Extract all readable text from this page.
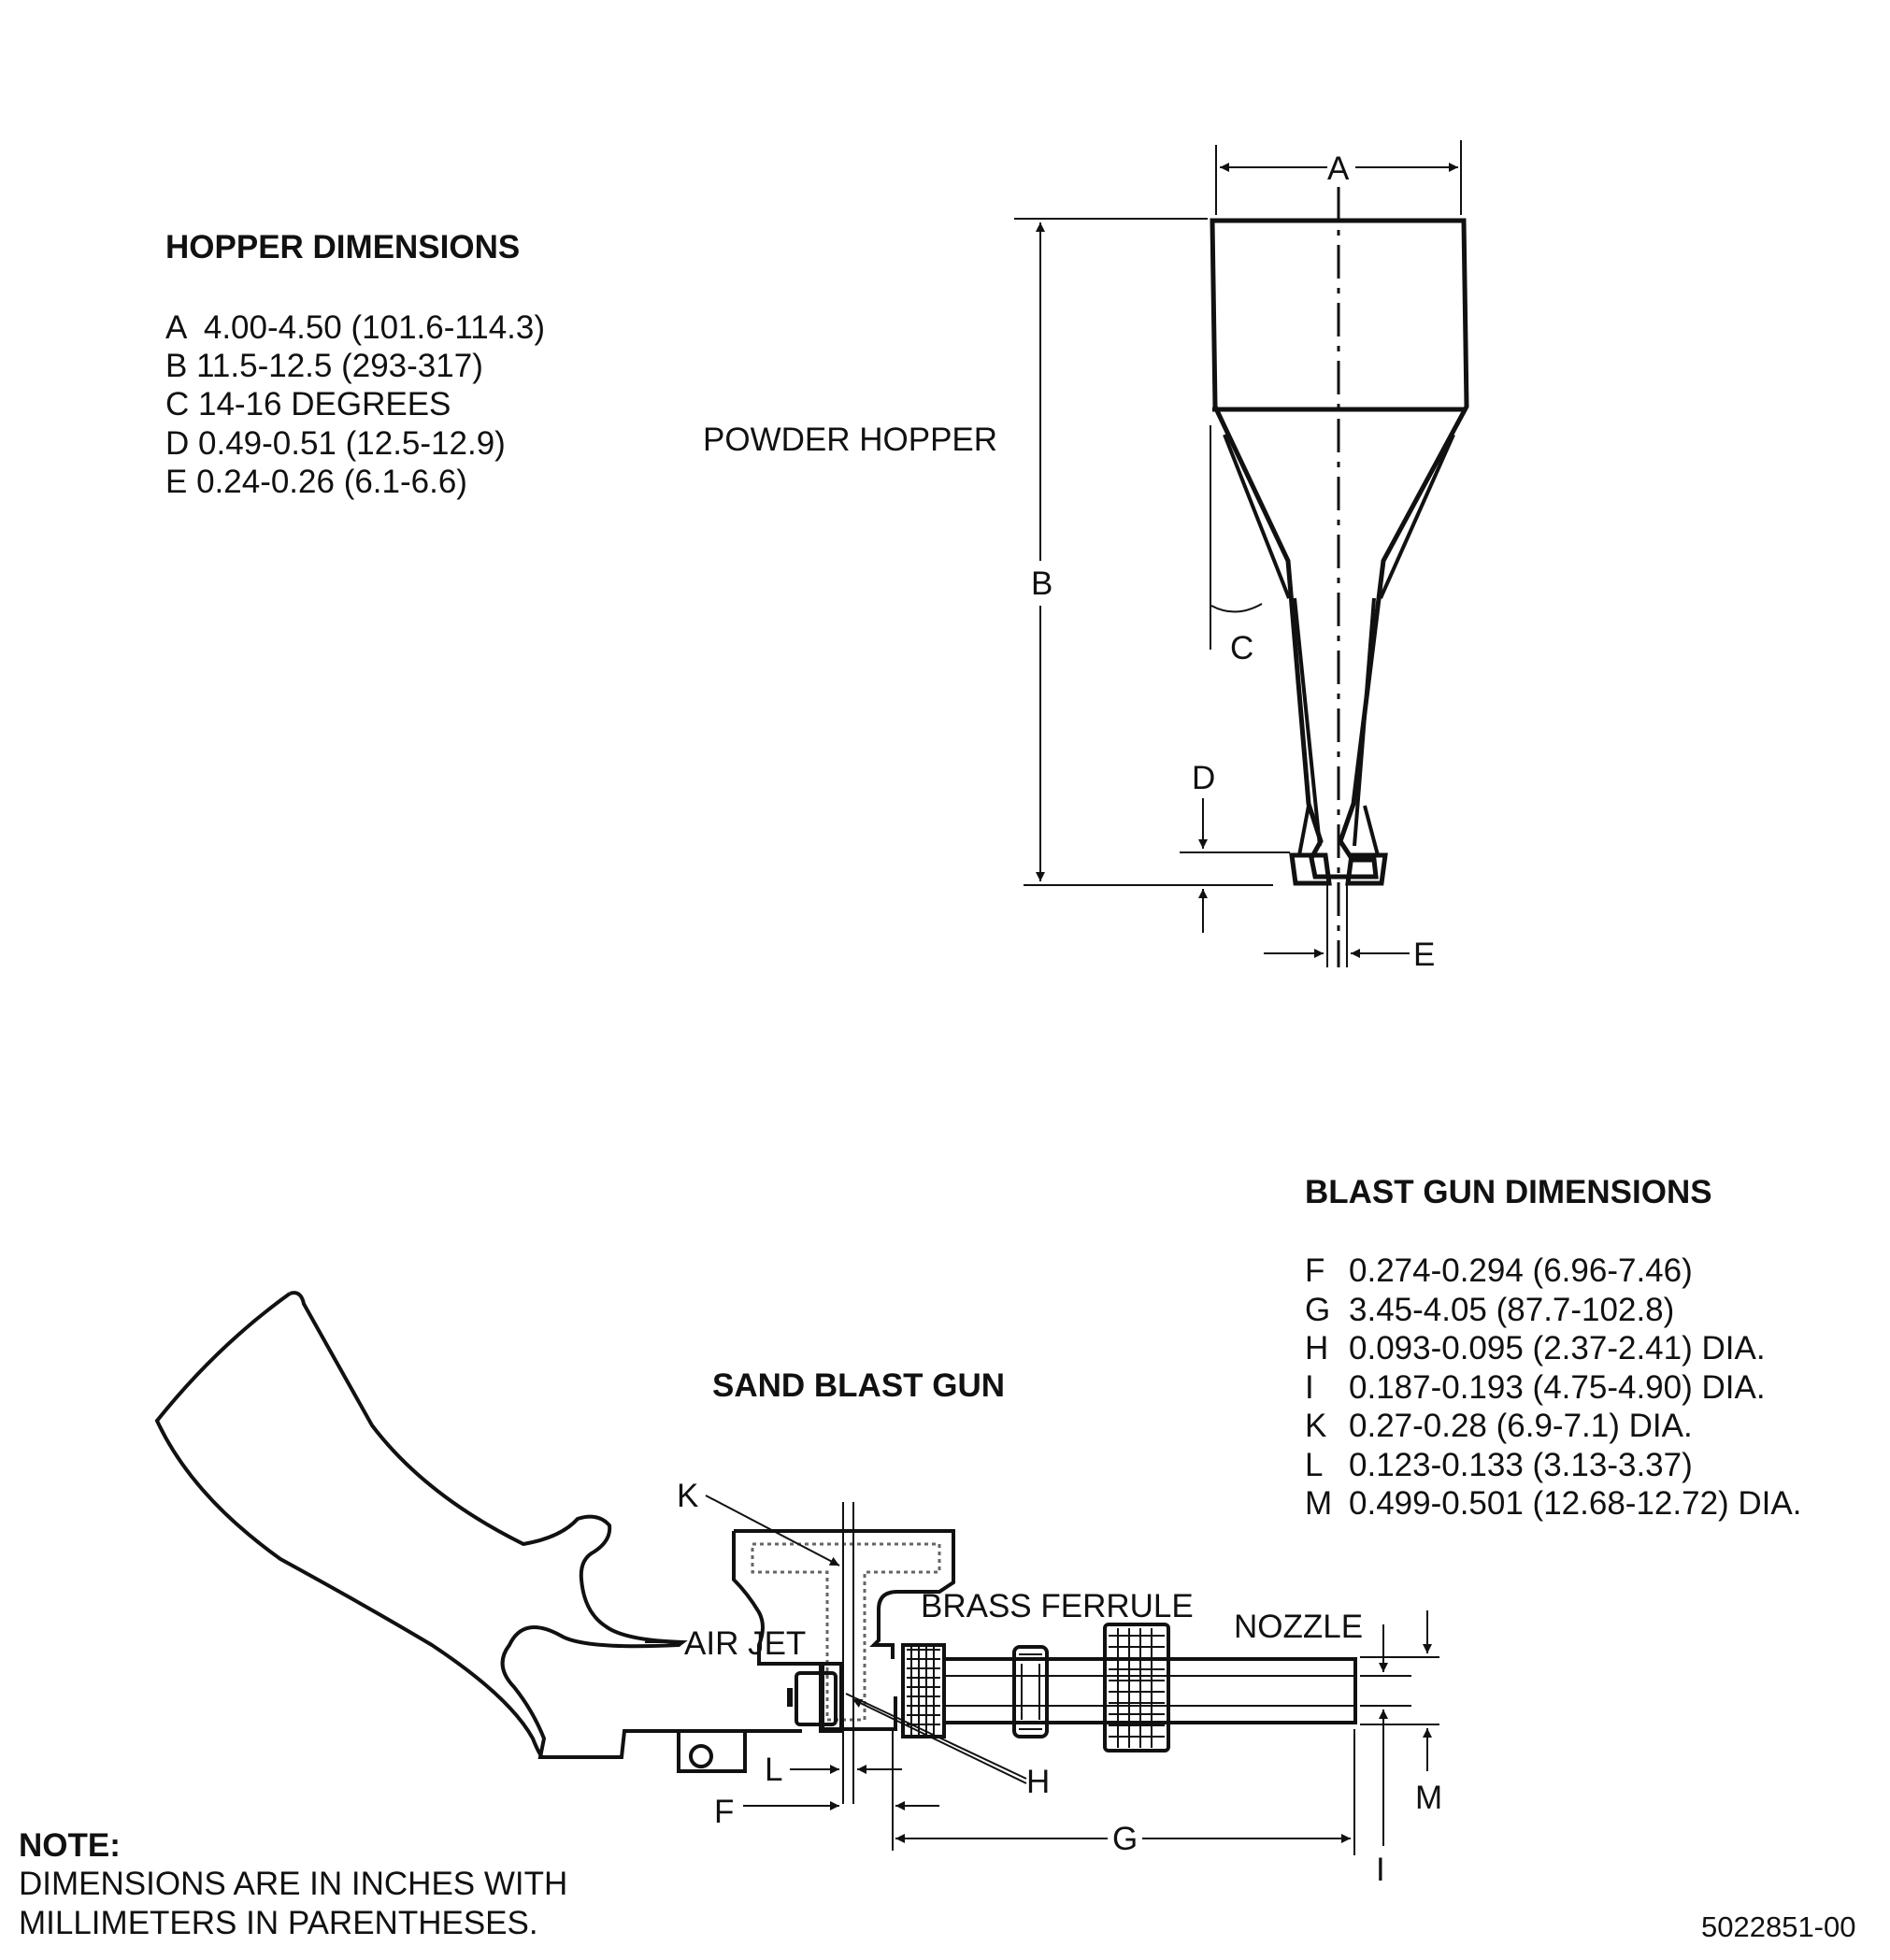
HOPPER DIMENSIONS
A  4.00-4.50 (101.6-114.3)
B 11.5-12.5 (293-317)
C 14-16 DEGREES
D 0.49-0.51 (12.5-12.9)
E 0.24-0.26 (6.1-6.6)
POWDER HOPPER
A
B
C
D
E
BLAST GUN DIMENSIONS
F 0.274-0.294 (6.96-7.46)
G 3.45-4.05 (87.7-102.8)
H 0.093-0.095 (2.37-2.41) DIA.
I 0.187-0.193 (4.75-4.90) DIA.
K 0.27-0.28 (6.9-7.1) DIA.
L 0.123-0.133 (3.13-3.37)
M 0.499-0.501 (12.68-12.72) DIA.
SAND BLAST GUN
K
AIR JET
BRASS FERRULE
NOZZLE
L	H
F
G
M
I
NOTE:
DIMENSIONS ARE IN INCHES WITH
MILLIMETERS IN PARENTHESES.	5022851-00
